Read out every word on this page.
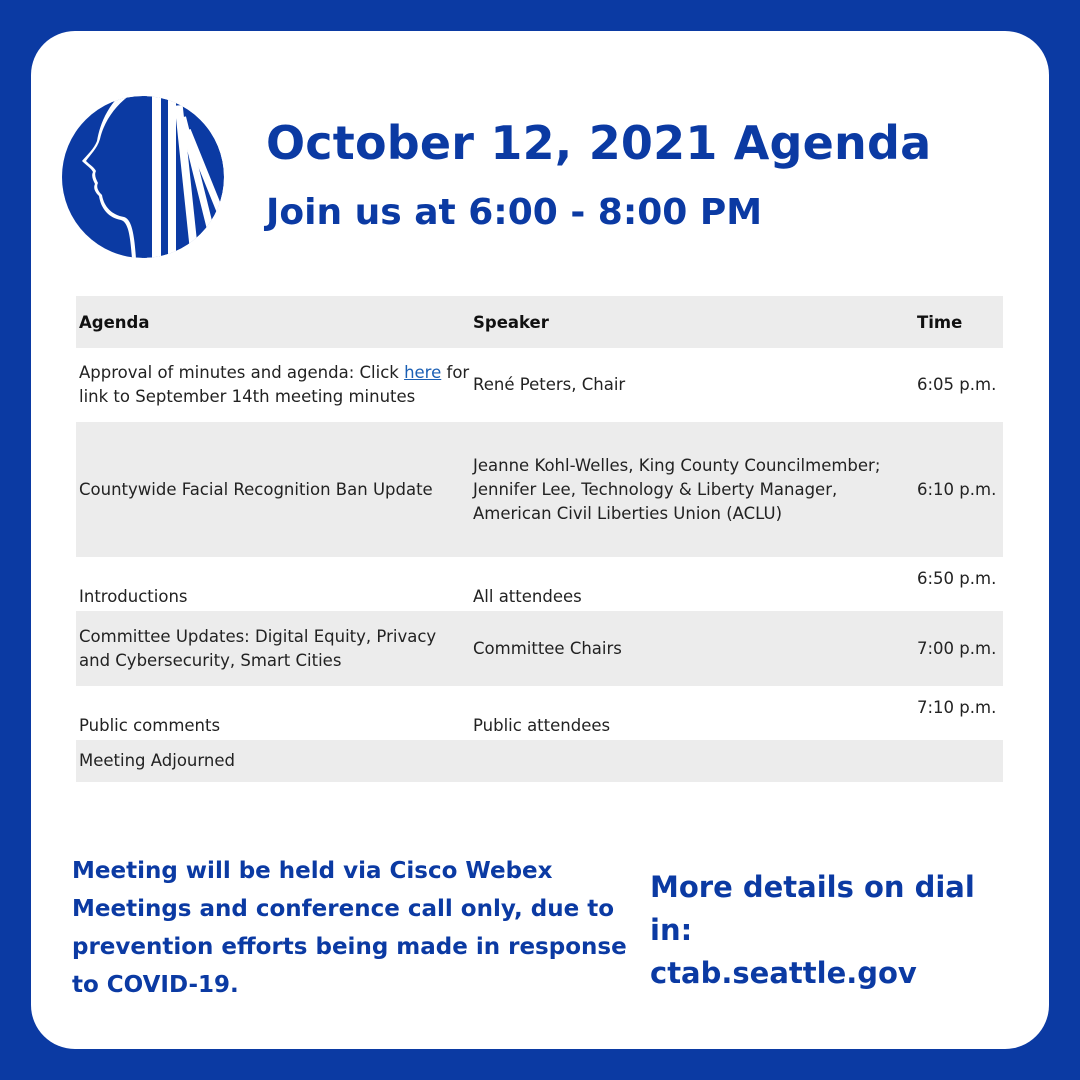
October 12, 2021 Agenda
Join us at 6:00 - 8:00 PM
Agenda	Speaker	Time
Approval of minutes and agenda: Click here for link to September 14th meeting minutes	René Peters, Chair	6:05 p.m.
Countywide Facial Recognition Ban Update	Jeanne Kohl-Welles, King County Councilmember;
Jennifer Lee, Technology & Liberty Manager,
American Civil Liberties Union (ACLU)	6:10 p.m.
Introductions	All attendees	6:50 p.m.
Committee Updates: Digital Equity, Privacy and Cybersecurity, Smart Cities	Committee Chairs	7:00 p.m.
Public comments	Public attendees	7:10 p.m.
Meeting Adjourned		

Meeting will be held via Cisco Webex Meetings and conference call only, due to prevention efforts being made in response to COVID-19.

More details on dial in:
ctab.seattle.gov
